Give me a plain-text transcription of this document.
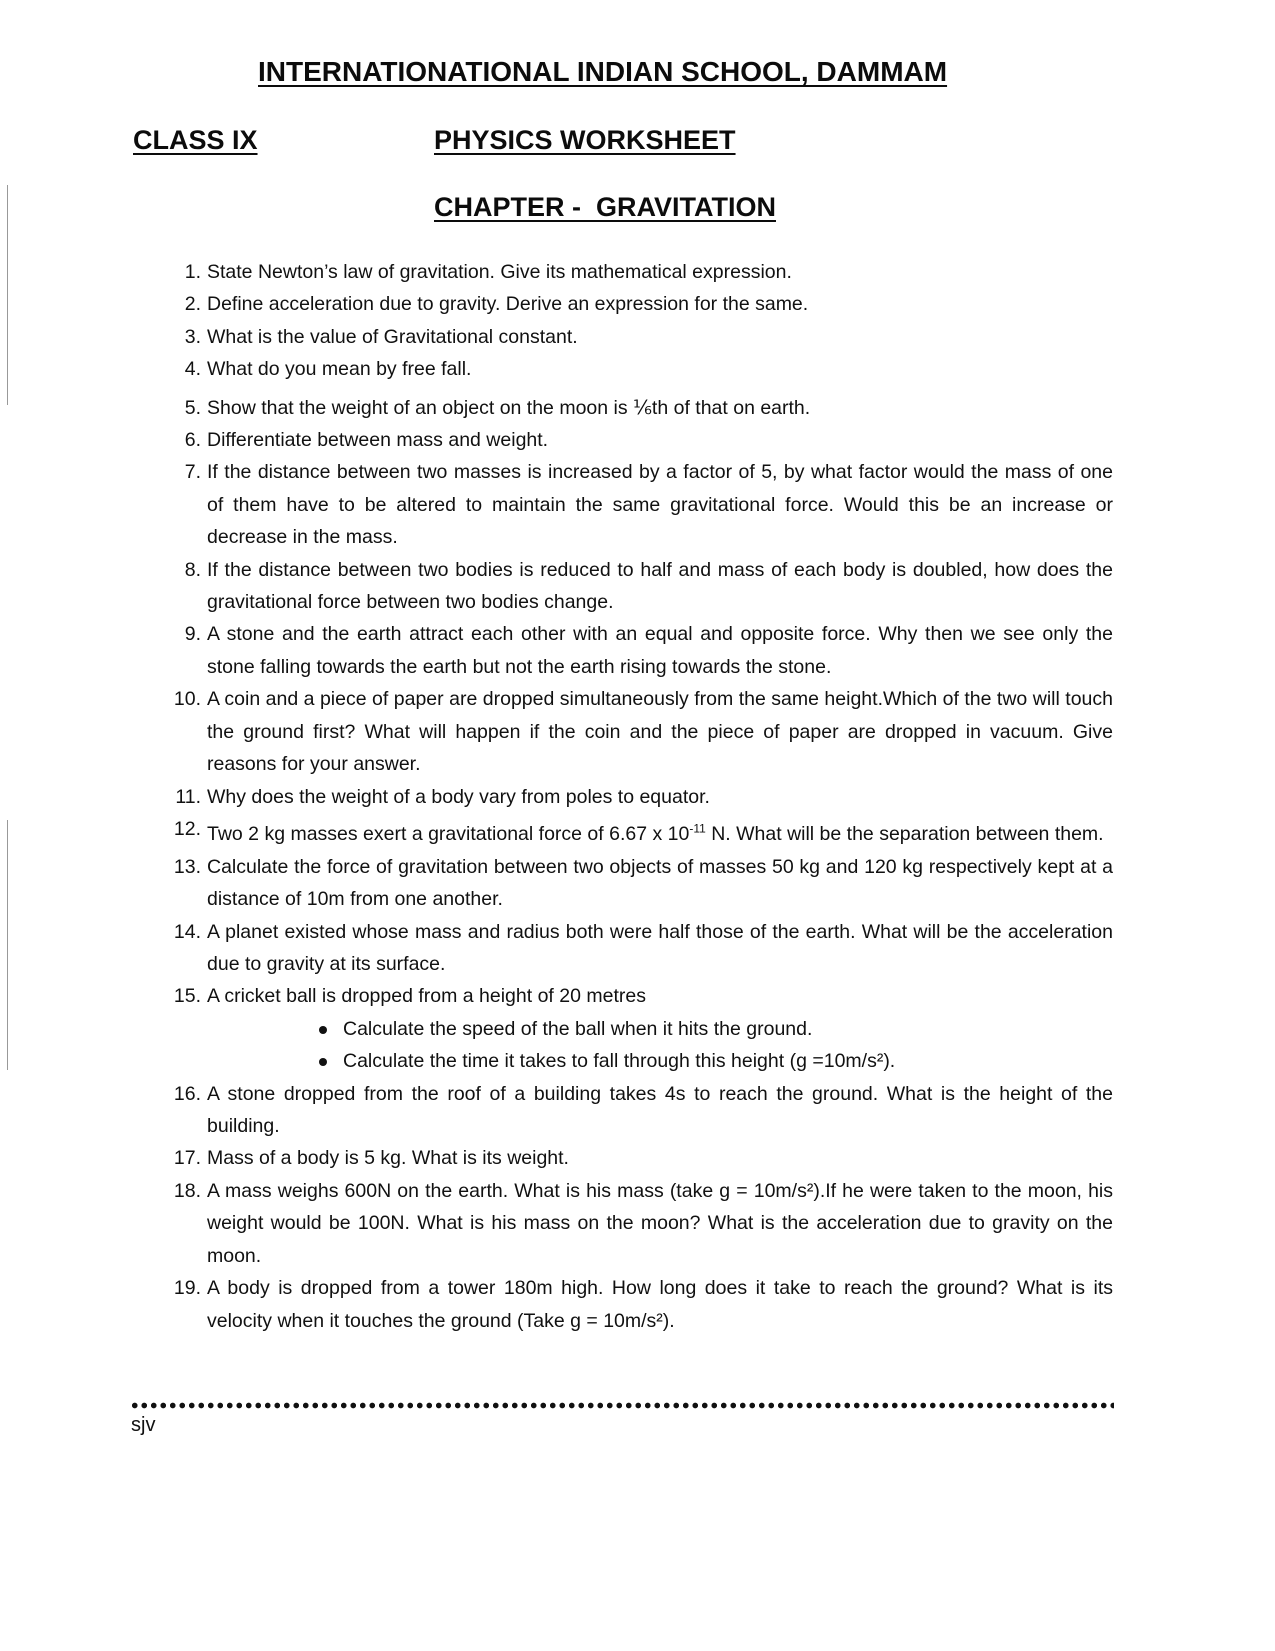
INTERNATIONATIONAL INDIAN SCHOOL, DAMMAM
CLASS IX	PHYSICS WORKSHEET
CHAPTER -  GRAVITATION
1. State Newton’s law of gravitation. Give its mathematical expression.
2. Define acceleration due to gravity. Derive an expression for the same.
3. What is the value of Gravitational constant.
4. What do you mean by free fall.
5. Show that the weight of an object on the moon is ⅙th of that on earth.
6. Differentiate between mass and weight.
7. If the distance between two masses is increased by a factor of 5, by what factor would the mass of one of them have to be altered to maintain the same gravitational force. Would this be an increase or decrease in the mass.
8. If the distance between two bodies is reduced to half and mass of each body is doubled, how does the gravitational force between two bodies change.
9. A stone and the earth attract each other with an equal and opposite force. Why then we see only the stone falling towards the earth but not the earth rising towards the stone.
10. A coin and a piece of paper are dropped simultaneously from the same height.Which of the two will touch the ground first? What will happen if the coin and the piece of paper are dropped in vacuum. Give reasons for your answer.
11. Why does the weight of a body vary from poles to equator.
12. Two 2 kg masses exert a gravitational force of 6.67 x $10^{-11}$ N. What will be the separation between them.
13. Calculate the force of gravitation between two objects of masses 50 kg and 120 kg respectively kept at a distance of 10m from one another.
14. A planet existed whose mass and radius both were half those of the earth. What will be the acceleration due to gravity at its surface.
15. A cricket ball is dropped from a height of 20 metres
Calculate the speed of the ball when it hits the ground.
Calculate the time it takes to fall through this height (g =10m/s²).
16. A stone dropped from the roof of a building takes 4s to reach the ground. What is the height of the building.
17. Mass of a body is 5 kg. What is its weight.
18. A mass weighs 600N on the earth. What is his mass (take g = 10m/s²).If he were taken to the moon, his weight would be 100N. What is his mass on the moon? What is the acceleration due to gravity on the moon.
19. A body is dropped from a tower 180m high. How long does it take to reach the ground? What is its velocity when it touches the ground (Take g = 10m/s²).
sjv
